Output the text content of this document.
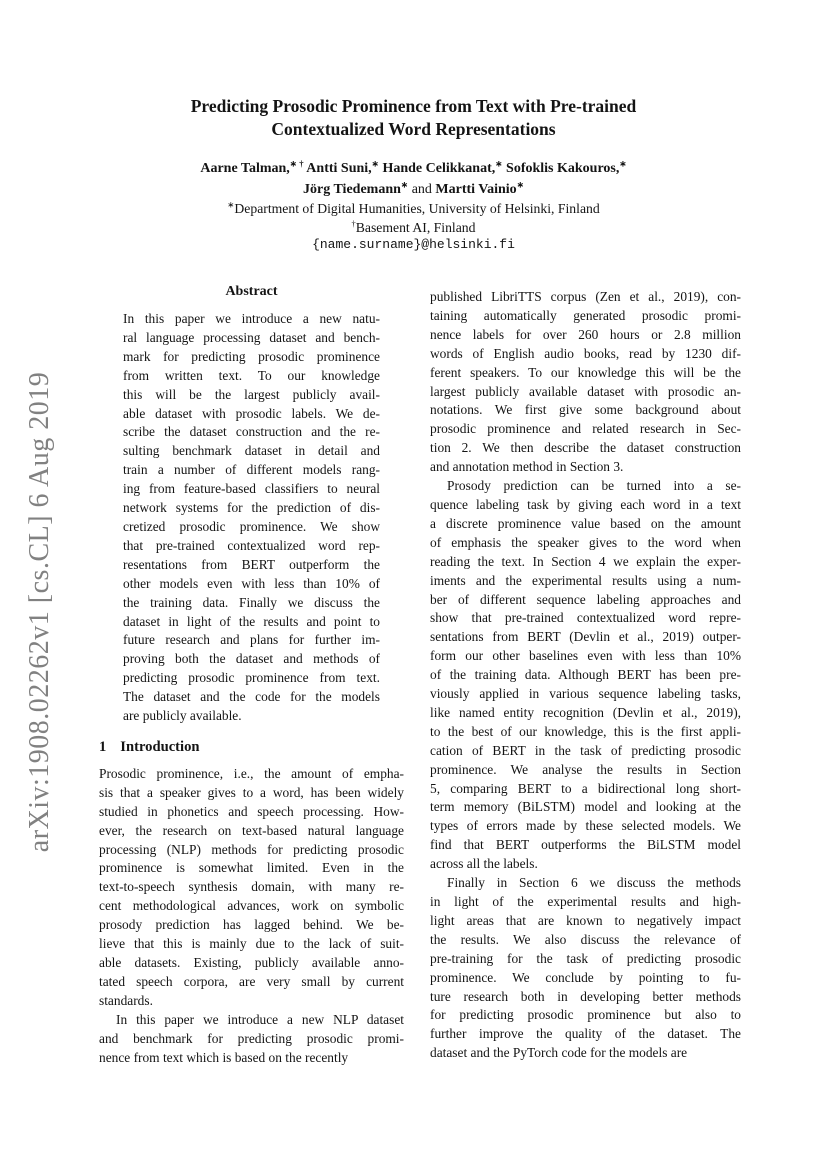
arXiv:1908.02262v1 [cs.CL] 6 Aug 2019
Predicting Prosodic Prominence from Text with Pre-trained
Contextualized Word Representations
Aarne Talman,∗ † Antti Suni,∗ Hande Celikkanat,∗ Sofoklis Kakouros,∗
Jörg Tiedemann∗ and Martti Vainio∗
∗Department of Digital Humanities, University of Helsinki, Finland
†Basement AI, Finland
{name.surname}@helsinki.fi
Abstract
In this paper we introduce a new natu-
ral language processing dataset and bench-
mark for predicting prosodic prominence
from written text. To our knowledge
this will be the largest publicly avail-
able dataset with prosodic labels. We de-
scribe the dataset construction and the re-
sulting benchmark dataset in detail and
train a number of different models rang-
ing from feature-based classifiers to neural
network systems for the prediction of dis-
cretized prosodic prominence. We show
that pre-trained contextualized word rep-
resentations from BERT outperform the
other models even with less than 10% of
the training data. Finally we discuss the
dataset in light of the results and point to
future research and plans for further im-
proving both the dataset and methods of
predicting prosodic prominence from text.
The dataset and the code for the models
are publicly available.
1 Introduction
Prosodic prominence, i.e., the amount of empha-
sis that a speaker gives to a word, has been widely
studied in phonetics and speech processing. How-
ever, the research on text-based natural language
processing (NLP) methods for predicting prosodic
prominence is somewhat limited. Even in the
text-to-speech synthesis domain, with many re-
cent methodological advances, work on symbolic
prosody prediction has lagged behind. We be-
lieve that this is mainly due to the lack of suit-
able datasets. Existing, publicly available anno-
tated speech corpora, are very small by current
standards.
In this paper we introduce a new NLP dataset
and benchmark for predicting prosodic promi-
nence from text which is based on the recently
published LibriTTS corpus (Zen et al., 2019), con-
taining automatically generated prosodic promi-
nence labels for over 260 hours or 2.8 million
words of English audio books, read by 1230 dif-
ferent speakers. To our knowledge this will be the
largest publicly available dataset with prosodic an-
notations. We first give some background about
prosodic prominence and related research in Sec-
tion 2. We then describe the dataset construction
and annotation method in Section 3.
Prosody prediction can be turned into a se-
quence labeling task by giving each word in a text
a discrete prominence value based on the amount
of emphasis the speaker gives to the word when
reading the text. In Section 4 we explain the exper-
iments and the experimental results using a num-
ber of different sequence labeling approaches and
show that pre-trained contextualized word repre-
sentations from BERT (Devlin et al., 2019) outper-
form our other baselines even with less than 10%
of the training data. Although BERT has been pre-
viously applied in various sequence labeling tasks,
like named entity recognition (Devlin et al., 2019),
to the best of our knowledge, this is the first appli-
cation of BERT in the task of predicting prosodic
prominence. We analyse the results in Section
5, comparing BERT to a bidirectional long short-
term memory (BiLSTM) model and looking at the
types of errors made by these selected models. We
find that BERT outperforms the BiLSTM model
across all the labels.
Finally in Section 6 we discuss the methods
in light of the experimental results and high-
light areas that are known to negatively impact
the results. We also discuss the relevance of
pre-training for the task of predicting prosodic
prominence. We conclude by pointing to fu-
ture research both in developing better methods
for predicting prosodic prominence but also to
further improve the quality of the dataset. The
dataset and the PyTorch code for the models are
